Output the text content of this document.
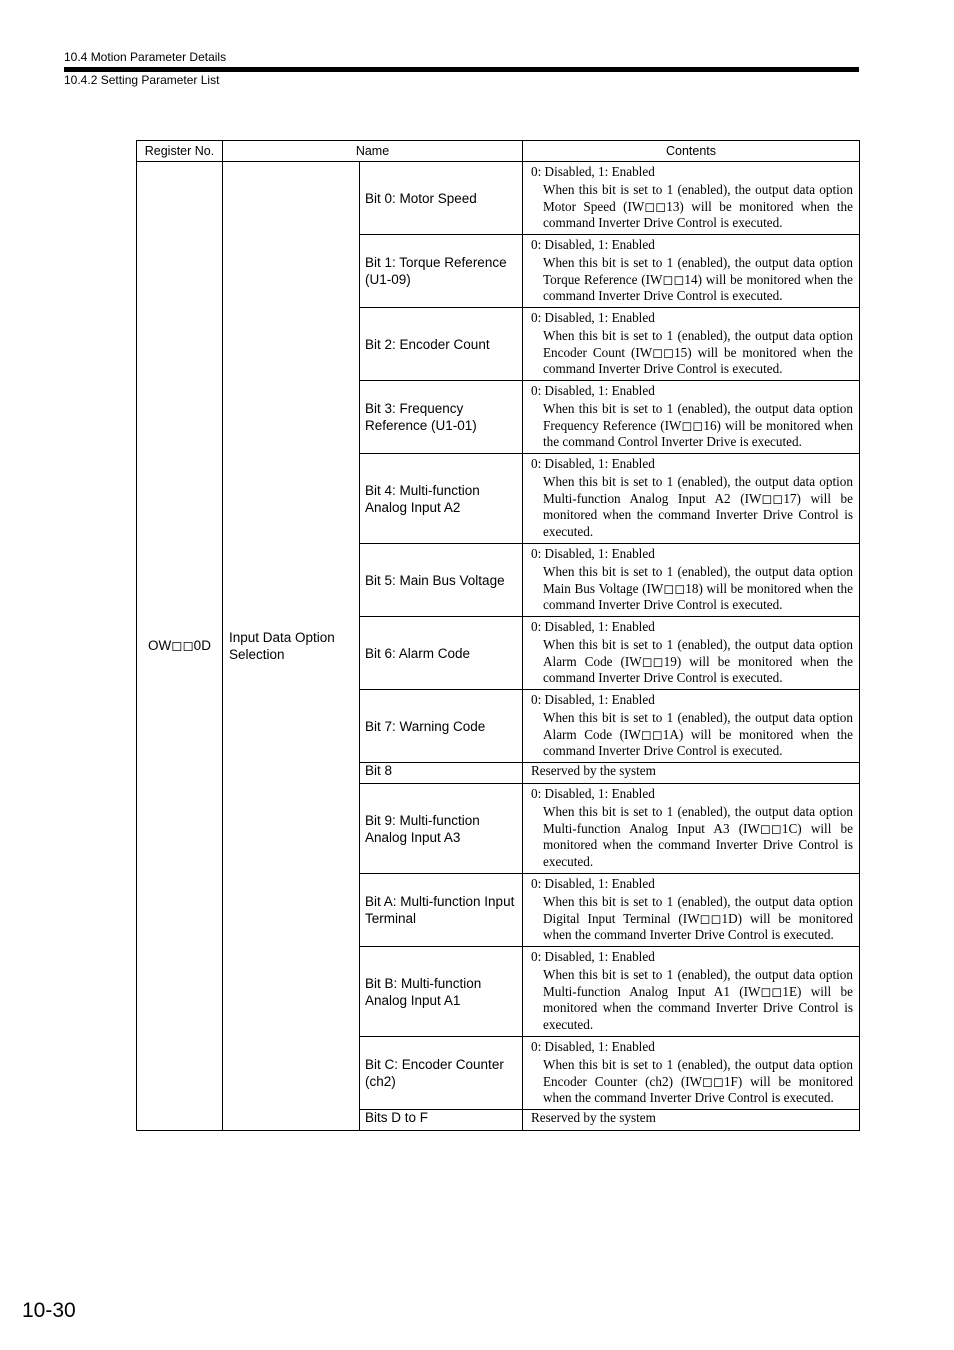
10.4 Motion Parameter Details
10.4.2 Setting Parameter List
Register No.	Name		Contents
OW◻◻0D	Input Data Option Selection	Bit 0: Motor Speed	0: Disabled, 1: Enabled
When this bit is set to 1 (enabled), the output data option Motor Speed (IW◻◻13) will be monitored when the command Inverter Drive Control is executed.

		Bit 1: Torque Reference (U1-09)	0: Disabled, 1: Enabled
When this bit is set to 1 (enabled), the output data option Torque Reference (IW◻◻14) will be monitored when the command Inverter Drive Control is executed.

		Bit 2: Encoder Count	0: Disabled, 1: Enabled
When this bit is set to 1 (enabled), the output data option Encoder Count (IW◻◻15) will be monitored when the command Inverter Drive Control is executed.

		Bit 3: Frequency Reference (U1-01)	0: Disabled, 1: Enabled
When this bit is set to 1 (enabled), the output data option Frequency Reference (IW◻◻16) will be monitored when the command Control Inverter Drive is executed.

		Bit 4: Multi-function Analog Input A2	0: Disabled, 1: Enabled
When this bit is set to 1 (enabled), the output data option Multi-function Analog Input A2 (IW◻◻17) will be monitored when the command Inverter Drive Control is executed.

		Bit 5: Main Bus Voltage	0: Disabled, 1: Enabled
When this bit is set to 1 (enabled), the output data option Main Bus Voltage (IW◻◻18) will be monitored when the command Inverter Drive Control is executed.

		Bit 6: Alarm Code	0: Disabled, 1: Enabled
When this bit is set to 1 (enabled), the output data option Alarm Code (IW◻◻19) will be monitored when the command Inverter Drive Control is executed.

		Bit 7: Warning Code	0: Disabled, 1: Enabled
When this bit is set to 1 (enabled), the output data option Alarm Code (IW◻◻1A) will be monitored when the command Inverter Drive Control is executed.

		Bit 8	Reserved by the system

		Bit 9: Multi-function Analog Input A3	0: Disabled, 1: Enabled
When this bit is set to 1 (enabled), the output data option Multi-function Analog Input A3 (IW◻◻1C) will be monitored when the command Inverter Drive Control is executed.

		Bit A: Multi-function Input Terminal	0: Disabled, 1: Enabled
When this bit is set to 1 (enabled), the output data option Digital Input Terminal (IW◻◻1D) will be monitored when the command Inverter Drive Control is executed.

		Bit B: Multi-function Analog Input A1	0: Disabled, 1: Enabled
When this bit is set to 1 (enabled), the output data option Multi-function Analog Input A1 (IW◻◻1E) will be monitored when the command Inverter Drive Control is executed.

		Bit C: Encoder Counter (ch2)	0: Disabled, 1: Enabled
When this bit is set to 1 (enabled), the output data option Encoder Counter (ch2) (IW◻◻1F) will be monitored when the command Inverter Drive Control is executed.

		Bits D to F	Reserved by the system
10-30
